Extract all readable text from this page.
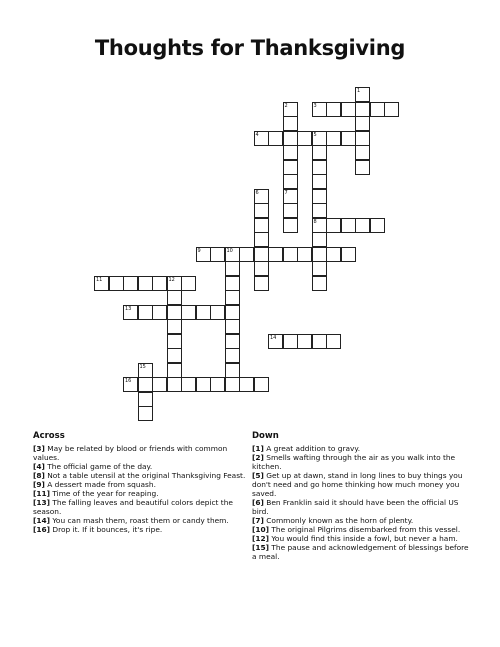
Thoughts for Thanksgiving
1
2
7
3
4	5
8
6
9	10
11	12
13
14
15
16
Across

[3] May be related by blood or friends with common values.

[4] The official game of the day.

[8] Not a table utensil at the original Thanksgiving Feast.

[9] A dessert made from squash.

[11] Time of the year for reaping.

[13] The falling leaves and beautiful colors depict the season.

[14] You can mash them, roast them or candy them.

[16] Drop it. If it bounces, it's ripe.

Down

[1] A great addition to gravy.

[2] Smells wafting through the air as you walk into the kitchen.

[5] Get up at dawn, stand in long lines to buy things you don't need and go home thinking how much money you saved.

[6] Ben Franklin said it should have been the official US bird.

[7] Commonly known as the horn of plenty.

[10] The original Pilgrims disembarked from this vessel.

[12] You would find this inside a fowl, but never a ham.

[15] The pause and acknowledgement of blessings before a meal.
